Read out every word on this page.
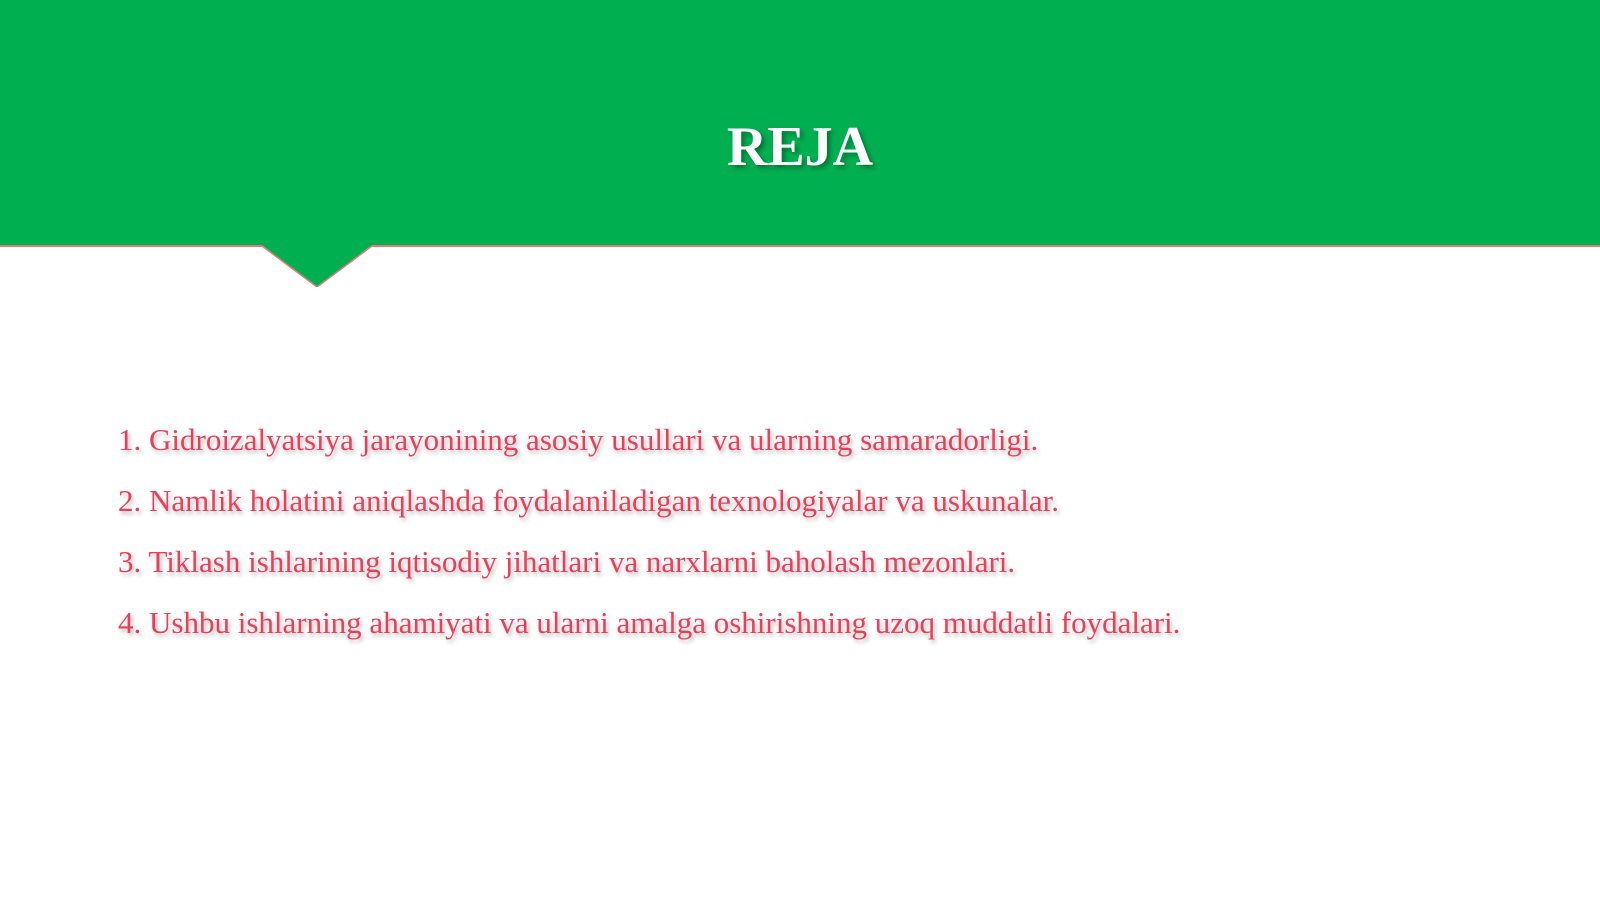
REJA
1. Gidroizalyatsiya jarayonining asosiy usullari va ularning samaradorligi.
2. Namlik holatini aniqlashda foydalaniladigan texnologiyalar va uskunalar.
3. Tiklash ishlarining iqtisodiy jihatlari va narxlarni baholash mezonlari.
4. Ushbu ishlarning ahamiyati va ularni amalga oshirishning uzoq muddatli foydalari.
